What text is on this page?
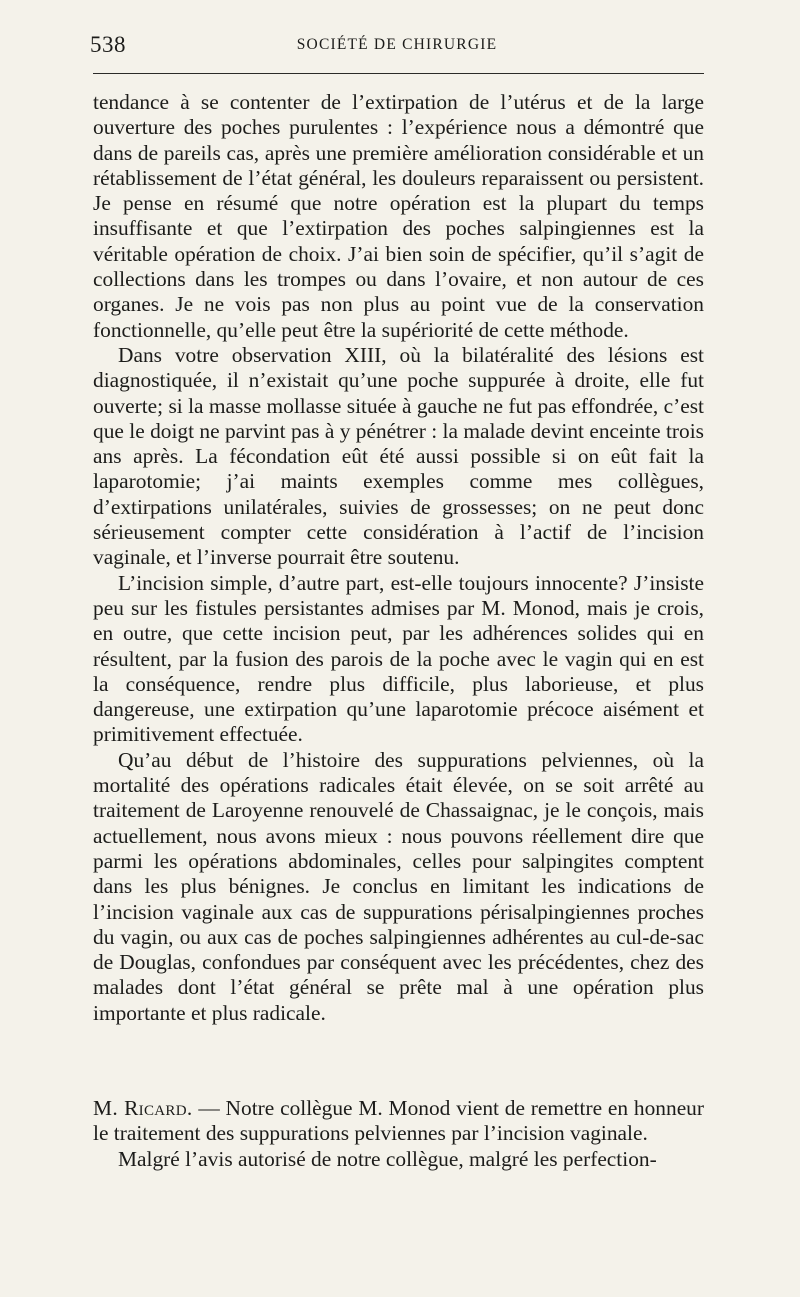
538	SOCIÉTÉ DE CHIRURGIE

tendance à se contenter de l’extirpation de l’utérus et de la large ouverture des poches purulentes : l’expérience nous a démontré que dans de pareils cas, après une première amélioration considérable et un rétablissement de l’état général, les douleurs reparaissent ou persistent. Je pense en résumé que notre opération est la plupart du temps insuffisante et que l’extirpation des poches salpingiennes est la véritable opération de choix. J’ai bien soin de spécifier, qu’il s’agit de collections dans les trompes ou dans l’ovaire, et non autour de ces organes. Je ne vois pas non plus au point vue de la conservation fonctionnelle, qu’elle peut être la supériorité de cette méthode.

Dans votre observation XIII, où la bilatéralité des lésions est diagnostiquée, il n’existait qu’une poche suppurée à droite, elle fut ouverte; si la masse mollasse située à gauche ne fut pas effondrée, c’est que le doigt ne parvint pas à y pénétrer : la malade devint enceinte trois ans après. La fécondation eût été aussi possible si on eût fait la laparotomie; j’ai maints exemples comme mes collègues, d’extirpations unilatérales, suivies de grossesses; on ne peut donc sérieusement compter cette considération à l’actif de l’incision vaginale, et l’inverse pourrait être soutenu.

L’incision simple, d’autre part, est-elle toujours innocente? J’insiste peu sur les fistules persistantes admises par M. Monod, mais je crois, en outre, que cette incision peut, par les adhérences solides qui en résultent, par la fusion des parois de la poche avec le vagin qui en est la conséquence, rendre plus difficile, plus laborieuse, et plus dangereuse, une extirpation qu’une laparotomie précoce aisément et primitivement effectuée.

Qu’au début de l’histoire des suppurations pelviennes, où la mortalité des opérations radicales était élevée, on se soit arrêté au traitement de Laroyenne renouvelé de Chassaignac, je le conçois, mais actuellement, nous avons mieux : nous pouvons réellement dire que parmi les opérations abdominales, celles pour salpingites comptent dans les plus bénignes. Je conclus en limitant les indications de l’incision vaginale aux cas de suppurations périsalpingiennes proches du vagin, ou aux cas de poches salpingiennes adhérentes au cul-de-sac de Douglas, confondues par conséquent avec les précédentes, chez des malades dont l’état général se prête mal à une opération plus importante et plus radicale.

M. Ricard. — Notre collègue M. Monod vient de remettre en honneur le traitement des suppurations pelviennes par l’incision vaginale.

Malgré l’avis autorisé de notre collègue, malgré les perfection-
